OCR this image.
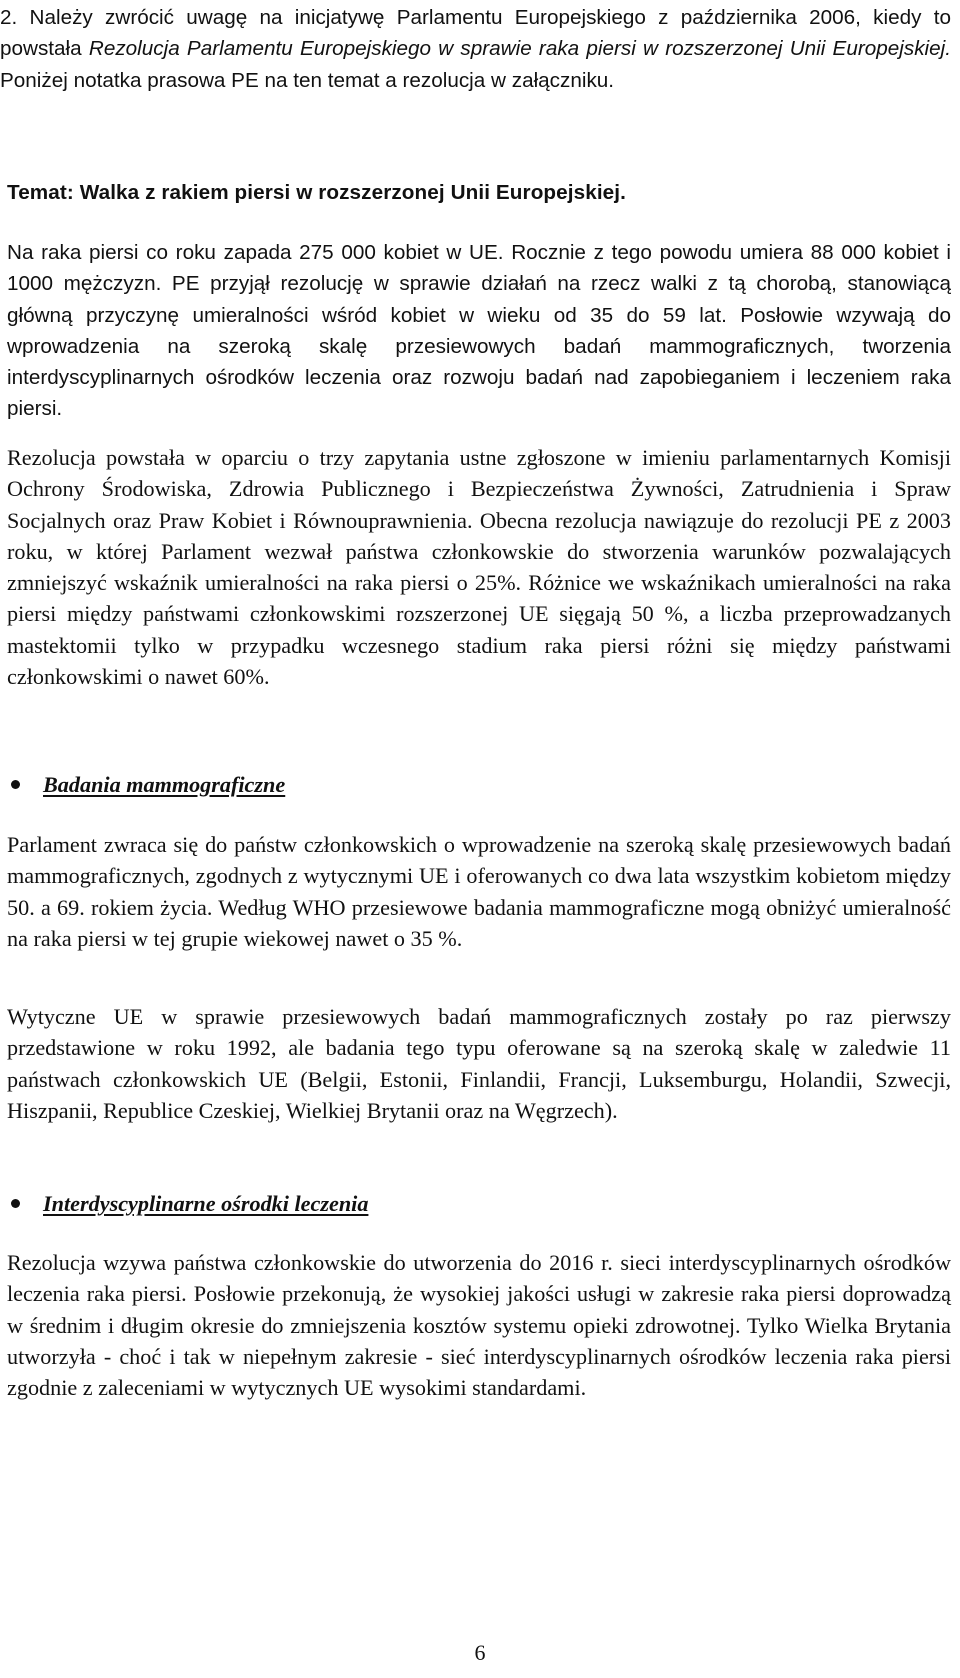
2. Należy zwrócić uwagę na inicjatywę Parlamentu Europejskiego z października 2006, kiedy to powstała Rezolucja Parlamentu Europejskiego w sprawie raka piersi w rozszerzonej Unii Europejskiej. Poniżej notatka prasowa PE na ten temat a rezolucja w załączniku.
Temat: Walka z rakiem piersi w rozszerzonej Unii Europejskiej.
Na raka piersi co roku zapada 275 000 kobiet w UE. Rocznie z tego powodu umiera 88 000 kobiet i 1000 mężczyzn. PE przyjął rezolucję w sprawie działań na rzecz walki z tą chorobą, stanowiącą główną przyczynę umieralności wśród kobiet w wieku od 35 do 59 lat. Posłowie wzywają do wprowadzenia na szeroką skalę przesiewowych badań mammograficznych, tworzenia interdyscyplinarnych ośrodków leczenia oraz rozwoju badań nad zapobieganiem i leczeniem raka piersi.
Rezolucja powstała w oparciu o trzy zapytania ustne zgłoszone w imieniu parlamentarnych Komisji Ochrony Środowiska, Zdrowia Publicznego i Bezpieczeństwa Żywności, Zatrudnienia i Spraw Socjalnych oraz Praw Kobiet i Równouprawnienia. Obecna rezolucja nawiązuje do rezolucji PE z 2003 roku, w której Parlament wezwał państwa członkowskie do stworzenia warunków pozwalających zmniejszyć wskaźnik umieralności na raka piersi o 25%. Różnice we wskaźnikach umieralności na raka piersi między państwami członkowskimi rozszerzonej UE sięgają 50 %, a liczba przeprowadzanych mastektomii tylko w przypadku wczesnego stadium raka piersi różni się między państwami członkowskimi o nawet 60%.
Badania mammograficzne
Parlament zwraca się do państw członkowskich o wprowadzenie na szeroką skalę przesiewowych badań mammograficznych, zgodnych z wytycznymi UE i oferowanych co dwa lata wszystkim kobietom między 50. a 69. rokiem życia. Według WHO przesiewowe badania mammograficzne mogą obniżyć umieralność na raka piersi w tej grupie wiekowej nawet o 35 %.
Wytyczne UE w sprawie przesiewowych badań mammograficznych zostały po raz pierwszy przedstawione w roku 1992, ale badania tego typu oferowane są na szeroką skalę w zaledwie 11 państwach członkowskich UE (Belgii, Estonii, Finlandii, Francji, Luksemburgu, Holandii, Szwecji, Hiszpanii, Republice Czeskiej, Wielkiej Brytanii oraz na Węgrzech).
Interdyscyplinarne ośrodki leczenia
Rezolucja wzywa państwa członkowskie do utworzenia do 2016 r. sieci interdyscyplinarnych ośrodków leczenia raka piersi. Posłowie przekonują, że wysokiej jakości usługi w zakresie raka piersi doprowadzą w średnim i długim okresie do zmniejszenia kosztów systemu opieki zdrowotnej. Tylko Wielka Brytania utworzyła - choć i tak w niepełnym zakresie - sieć interdyscyplinarnych ośrodków leczenia raka piersi zgodnie z zaleceniami w wytycznych UE wysokimi standardami.
6
